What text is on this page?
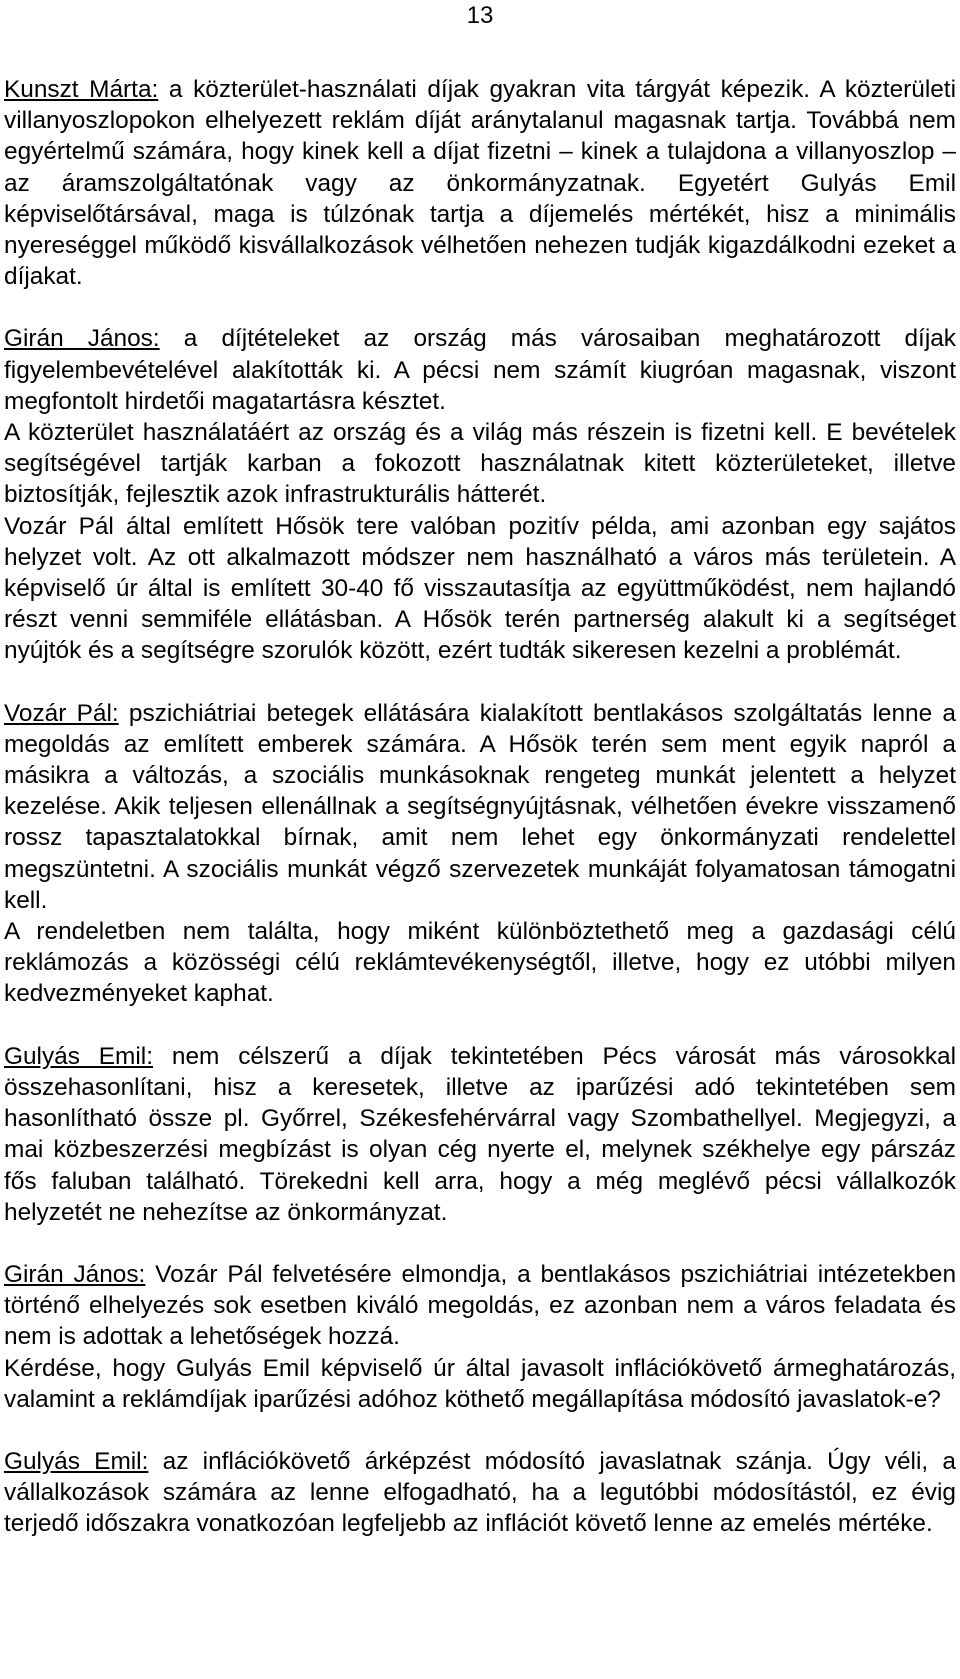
13

Kunszt Márta: a közterület-használati díjak gyakran vita tárgyát képezik. A közterületi villanyoszlopokon elhelyezett reklám díját aránytalanul magasnak tartja. Továbbá nem egyértelmű számára, hogy kinek kell a díjat fizetni – kinek a tulajdona a villanyoszlop – az áramszolgáltatónak vagy az önkormányzatnak. Egyetért Gulyás Emil képviselőtársával, maga is túlzónak tartja a díjemelés mértékét, hisz a minimális nyereséggel működő kisvállalkozások vélhetően nehezen tudják kigazdálkodni ezeket a díjakat.

Girán János: a díjtételeket az ország más városaiban meghatározott díjak figyelembevételével alakították ki. A pécsi nem számít kiugróan magasnak, viszont megfontolt hirdetői magatartásra késztet.

A közterület használatáért az ország és a világ más részein is fizetni kell. E bevételek segítségével tartják karban a fokozott használatnak kitett közterületeket, illetve biztosítják, fejlesztik azok infrastrukturális hátterét.

Vozár Pál által említett Hősök tere valóban pozitív példa, ami azonban egy sajátos helyzet volt. Az ott alkalmazott módszer nem használható a város más területein. A képviselő úr által is említett 30-40 fő visszautasítja az együttműködést, nem hajlandó részt venni semmiféle ellátásban. A Hősök terén partnerség alakult ki a segítséget nyújtók és a segítségre szorulók között, ezért tudták sikeresen kezelni a problémát.

Vozár Pál: pszichiátriai betegek ellátására kialakított bentlakásos szolgáltatás lenne a megoldás az említett emberek számára. A Hősök terén sem ment egyik napról a másikra a változás, a szociális munkásoknak rengeteg munkát jelentett a helyzet kezelése. Akik teljesen ellenállnak a segítségnyújtásnak, vélhetően évekre visszamenő rossz tapasztalatokkal bírnak, amit nem lehet egy önkormányzati rendelettel megszüntetni. A szociális munkát végző szervezetek munkáját folyamatosan támogatni kell.

A rendeletben nem találta, hogy miként különböztethető meg a gazdasági célú reklámozás a közösségi célú reklámtevékenységtől, illetve, hogy ez utóbbi milyen kedvezményeket kaphat.

Gulyás Emil: nem célszerű a díjak tekintetében Pécs városát más városokkal összehasonlítani, hisz a keresetek, illetve az iparűzési adó tekintetében sem hasonlítható össze pl. Győrrel, Székesfehérvárral vagy Szombathellyel. Megjegyzi, a mai közbeszerzési megbízást is olyan cég nyerte el, melynek székhelye egy párszáz fős faluban található. Törekedni kell arra, hogy a még meglévő pécsi vállalkozók helyzetét ne nehezítse az önkormányzat.

Girán János: Vozár Pál felvetésére elmondja, a bentlakásos pszichiátriai intézetekben történő elhelyezés sok esetben kiváló megoldás, ez azonban nem a város feladata és nem is adottak a lehetőségek hozzá.

Kérdése, hogy Gulyás Emil képviselő úr által javasolt inflációkövető ármeghatározás, valamint a reklámdíjak iparűzési adóhoz köthető megállapítása módosító javaslatok-e?

Gulyás Emil: az inflációkövető árképzést módosító javaslatnak szánja. Úgy véli, a vállalkozások számára az lenne elfogadható, ha a legutóbbi módosítástól, ez évig terjedő időszakra vonatkozóan legfeljebb az inflációt követő lenne az emelés mértéke.
